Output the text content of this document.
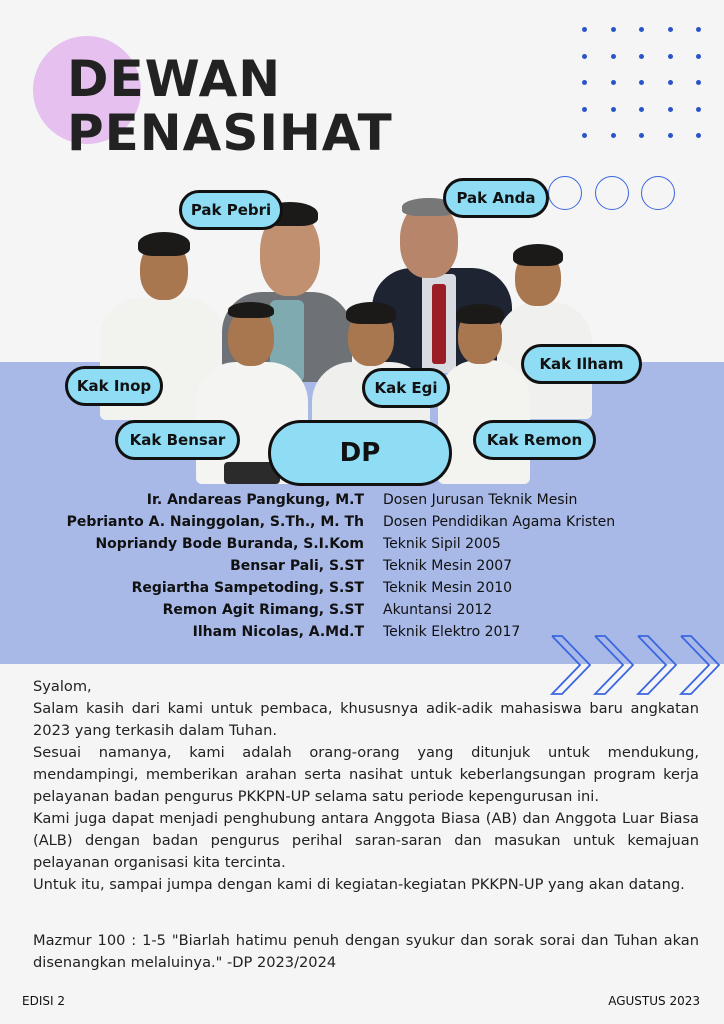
DEWAN
PENASIHAT
Pak Pebri
Pak Anda
Kak Inop	Kak Egi
Kak Ilham
Kak Bensar	Kak Remon
DP
Ir. Andareas Pangkung, M.T Dosen Jurusan Teknik Mesin
Pebrianto A. Nainggolan, S.Th., M. Th Dosen Pendidikan Agama Kristen
Nopriandy Bode Buranda, S.I.Kom Teknik Sipil 2005
Bensar Pali, S.ST Teknik Mesin 2007
Regiartha Sampetoding, S.ST Teknik Mesin 2010
Remon Agit Rimang, S.ST Akuntansi 2012
Ilham Nicolas, A.Md.T Teknik Elektro 2017

Syalom,

Salam kasih dari kami untuk pembaca, khususnya adik-adik mahasiswa baru angkatan 2023 yang terkasih dalam Tuhan.

Sesuai namanya, kami adalah orang-orang yang ditunjuk untuk mendukung, mendampingi, memberikan arahan serta nasihat untuk keberlangsungan program kerja pelayanan badan pengurus PKKPN-UP selama satu periode kepengurusan ini.

Kami juga dapat menjadi penghubung antara Anggota Biasa (AB) dan Anggota Luar Biasa (ALB) dengan badan pengurus perihal saran-saran dan masukan untuk kemajuan pelayanan organisasi kita tercinta.

Untuk itu, sampai jumpa dengan kami di kegiatan-kegiatan PKKPN-UP yang akan datang.

Mazmur 100 : 1-5 "Biarlah hatimu penuh dengan syukur dan sorak sorai dan Tuhan akan disenangkan melaluinya." -DP 2023/2024
EDISI 2	AGUSTUS 2023
